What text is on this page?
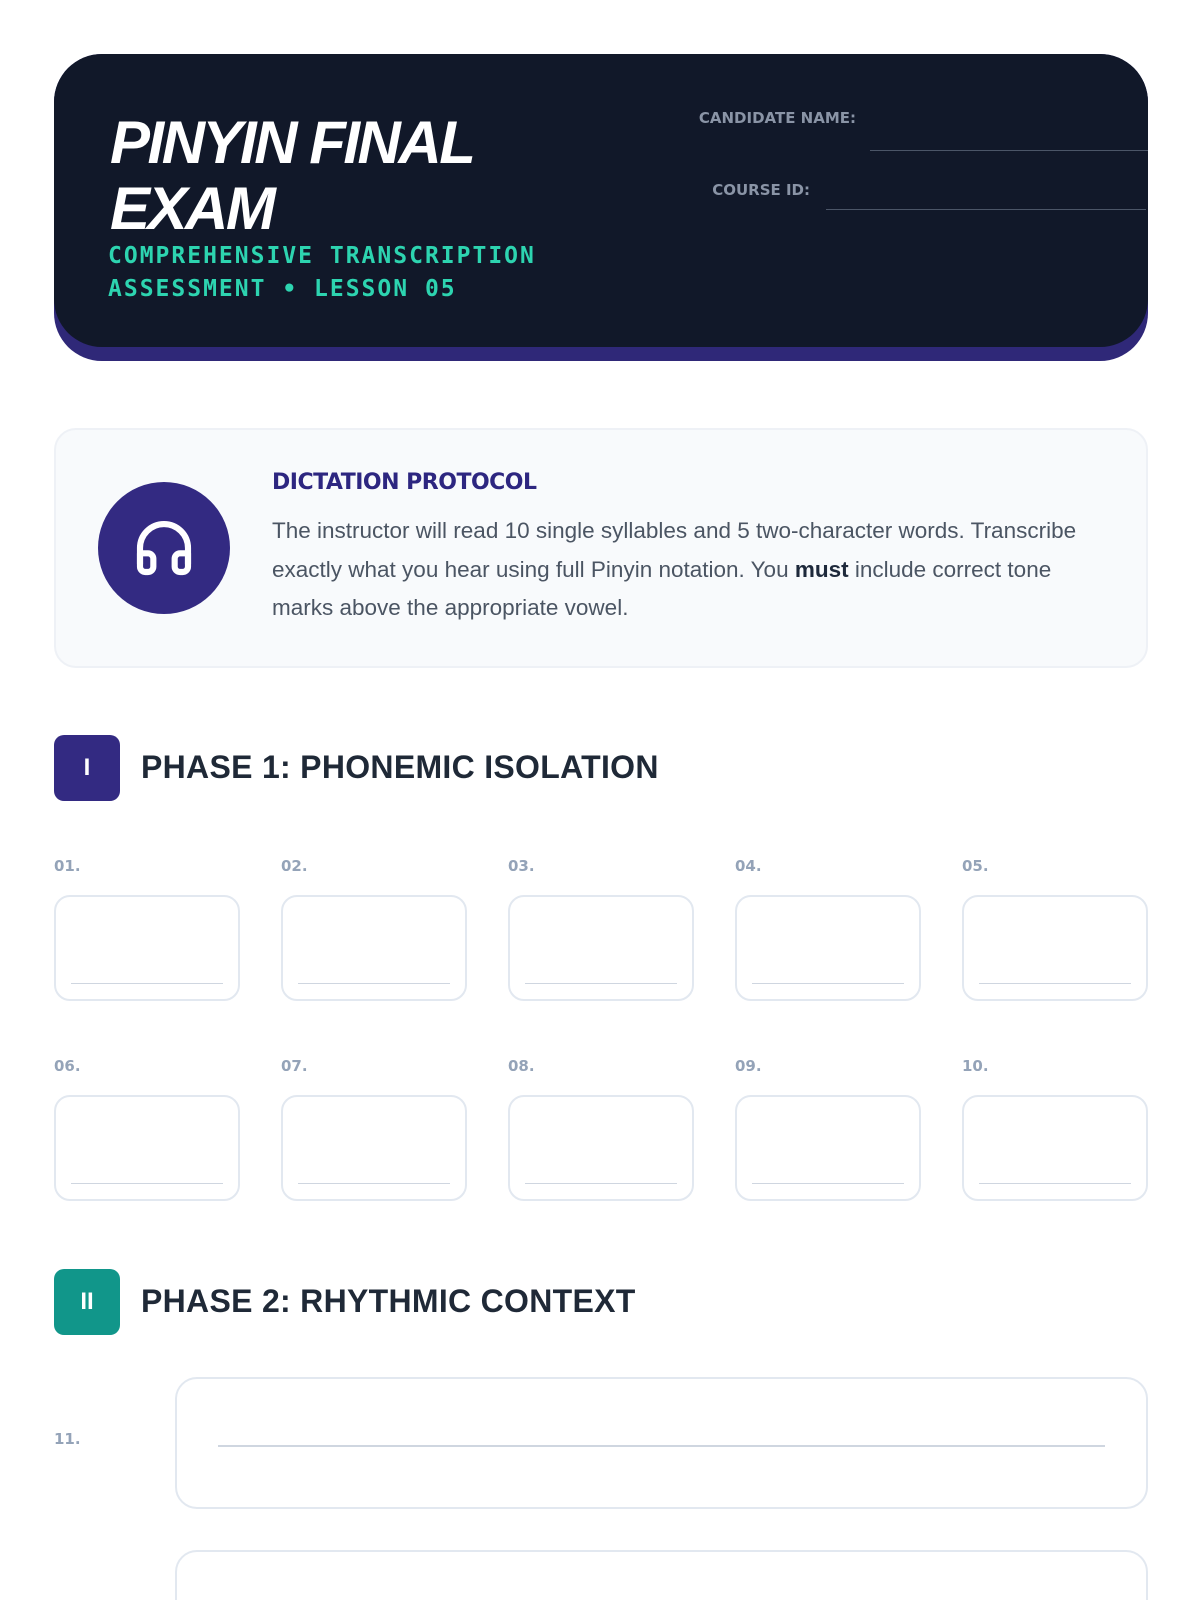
PINYIN FINAL EXAM
COMPREHENSIVE TRANSCRIPTION ASSESSMENT • LESSON 05
CANDIDATE NAME:
COURSE ID:
DICTATION PROTOCOL
The instructor will read 10 single syllables and 5 two-character words. Transcribe exactly what you hear using full Pinyin notation. You must include correct tone marks above the appropriate vowel.
I	PHASE 1: PHONEMIC ISOLATION
01.	02.	03.	04.	05.
06.	07.	08.	09.	10.
II	PHASE 2: RHYTHMIC CONTEXT
11.
